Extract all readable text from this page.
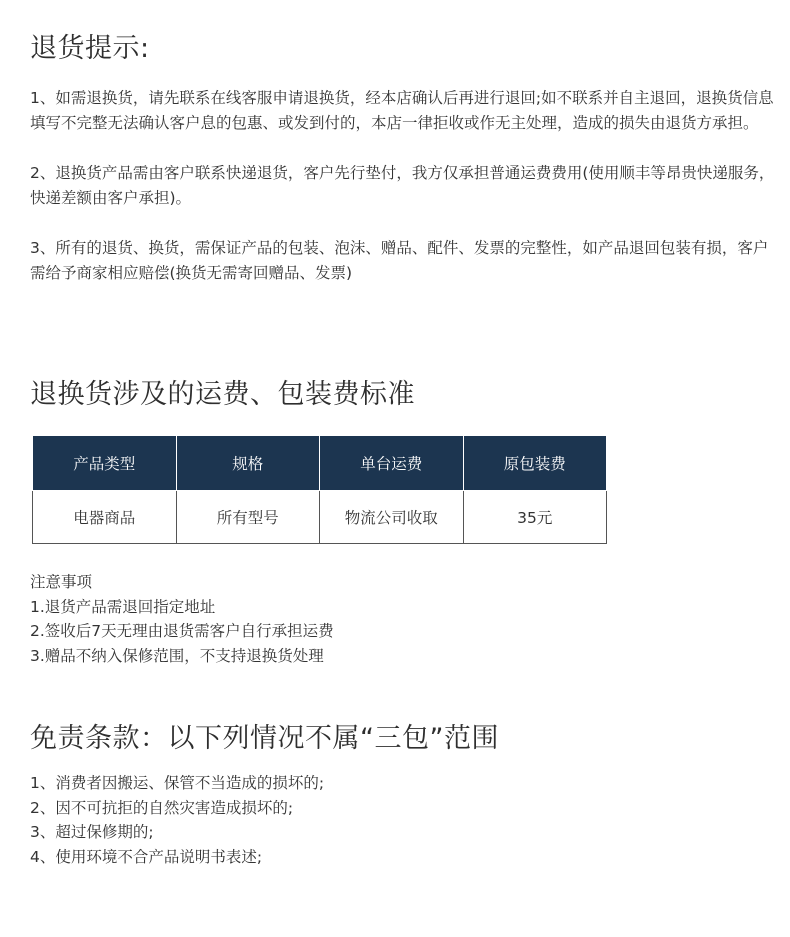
退货提示:

1、如需退换货，请先联系在线客服申请退换货，经本店确认后再进行退回;如不联系并自主退回，退换货信息填写不完整无法确认客户息的包惠、或发到付的，本店一律拒收或作无主处理，造成的损失由退货方承担。

2、退换货产品需由客户联系快递退货，客户先行垫付，我方仅承担普通运费费用(使用顺丰等昂贵快递服务，快递差额由客户承担)。

3、所有的退货、换货，需保证产品的包装、泡沫、赠品、配件、发票的完整性，如产品退回包装有损，客户需给予商家相应赔偿(换货无需寄回赠品、发票)

退换货涉及的运费、包装费标准
产品类型	规格	单台运费	原包装费
电器商品	所有型号	物流公司收取	35元
注意事项
1.退货产品需退回指定地址
2.签收后7天无理由退货需客户自行承担运费
3.赠品不纳入保修范围，不支持退换货处理
免责条款：以下列情况不属“三包”范围
1、消费者因搬运、保管不当造成的损坏的;
2、因不可抗拒的自然灾害造成损坏的;
3、超过保修期的;
4、使用环境不合产品说明书表述;
